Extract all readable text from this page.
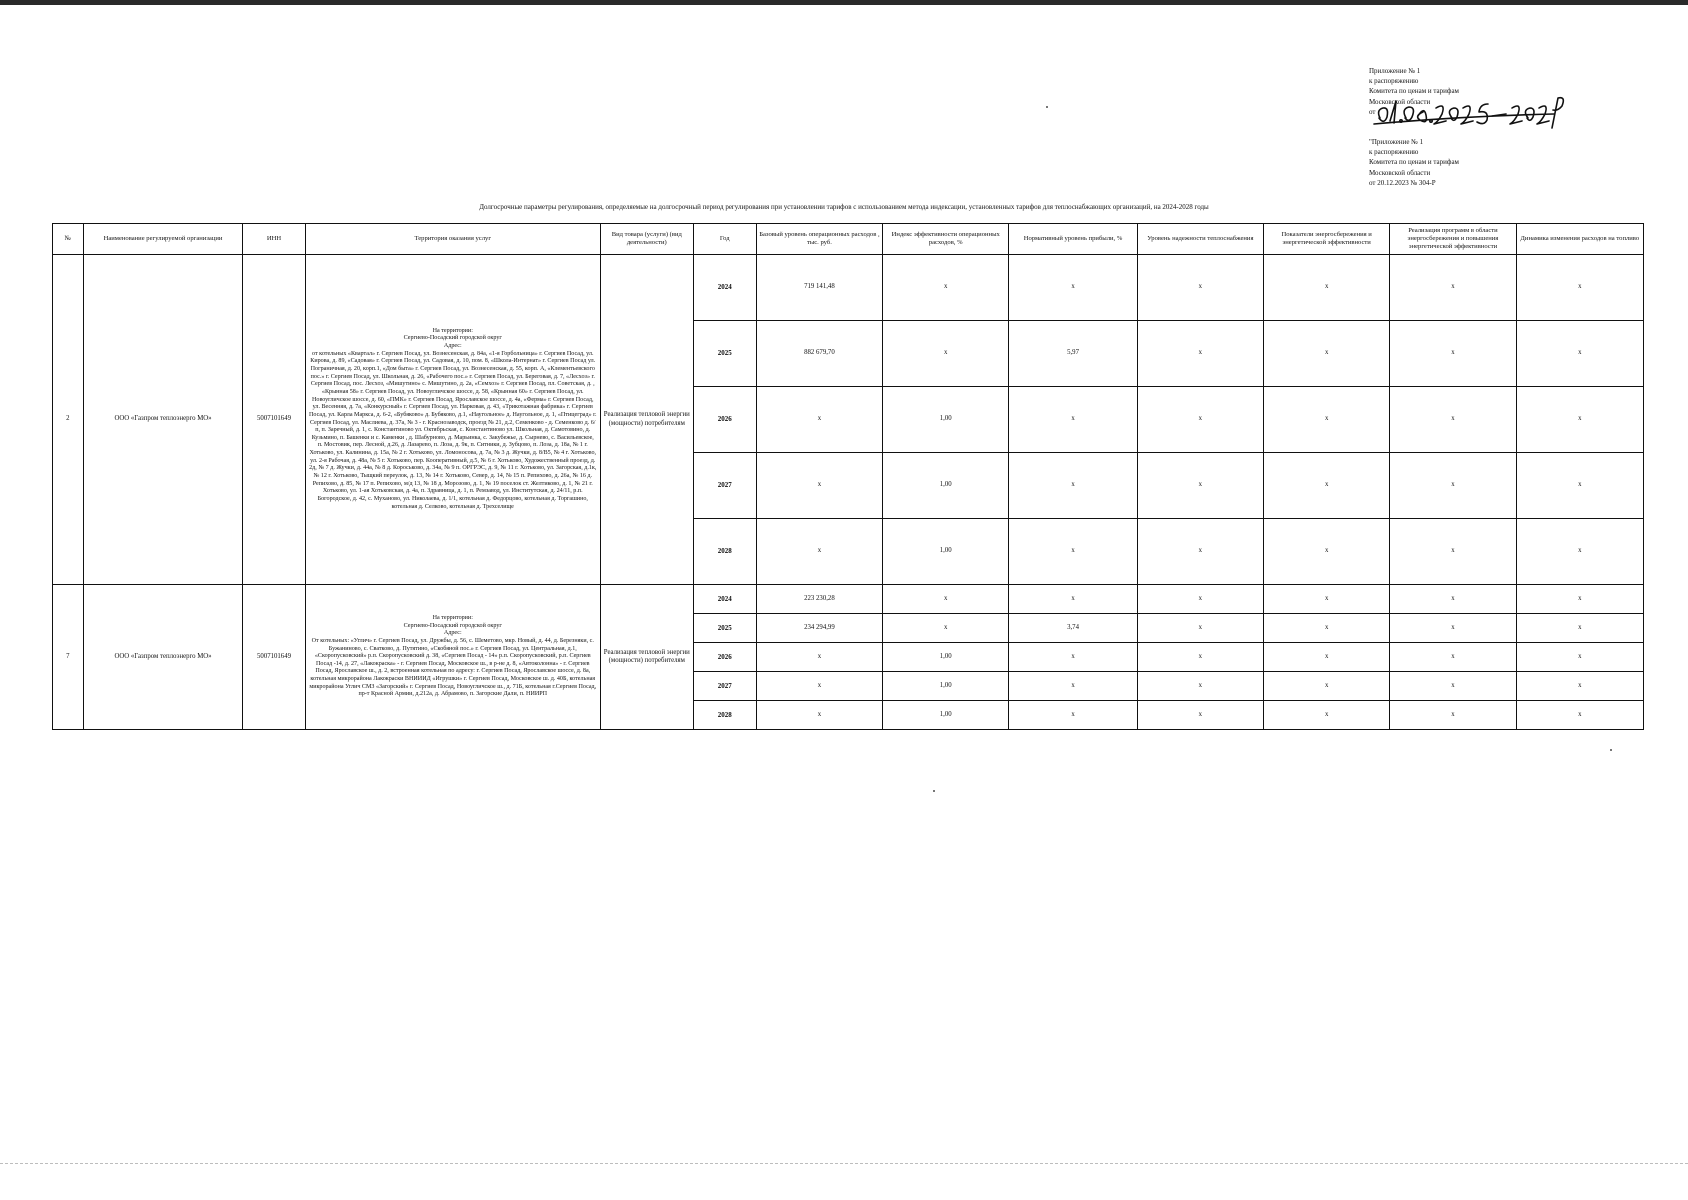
Приложение № 1
к распоряжению
Комитета по ценам и тарифам
Московской области
от
"Приложение № 1
к распоряжению
Комитета по ценам и тарифам
Московской области
от 20.12.2023 № 304-Р
Долгосрочные параметры регулирования, определяемые на долгосрочный период регулирования при установлении тарифов с использованием метода индексации, установленных тарифов для теплоснабжающих организаций, на 2024-2028 годы
№	Наименование регулируемой организации	ИНН	Территория оказания услуг	Вид товара (услуги) (вид деятельности)	Год	Базовый уровень операционных расходов , тыс. руб.	Индекс эффективности операционных расходов, %	Нормативный уровень прибыли, %	Уровень надежности теплоснабжения	Показатели энергосбережения и энергетической эффективности	Реализация программ в области энергосбережения и повышения энергетической эффективности	Динамика изменения расходов на топливо
2	ООО «Газпром теплоэнерго МО»	5007101649	На территории:
Сергиево-Посадский городской округ
Адрес:
от котельных «Квартал» г. Сергиев Посад, ул. Вознесенская, д. 84а, «1-я Горбольница» г. Сергиев Посад, ул. Кирова, д. 89, «Садовая» г. Сергиев Посад, ул. Садовая, д. 10, пом. 8, «Школа-Интернат» г. Сергиев Посад ул. Пограничная, д. 20, корп.1, «Дом быта» г. Сергиев Посад, ул. Вознесенская, д. 55, корп. А, «Клементьевского пос.» г. Сергиев Посад, ул. Школьная, д. 26, «Рабочего пос.» г. Сергиев Посад, ул. Береговая, д. 7, «Лесхоз» г. Сергиев Посад, пос. Лесхоз, «Мишутино» с. Мишутино, д. 2а, «Семхоз» г. Сергиев Посад, пл. Советская, д. , «Крынная 58» г. Сергиев Посад, ул. Новоугличское шоссе, д. 58, «Крынная 60» г. Сергиев Посад, ул. Новоугличское шоссе, д. 60, «ПМК» г. Сергиев Посад, Ярославское шоссе, д. 4а, «Ферма» г. Сергиев Посад, ул. Весенняя, д. 7а, «Конкурсный» г. Сергиев Посад, ул. Нарковая, д. 43, «Трикотажная фабрика» г. Сергиев Посад, ул. Карла Маркса, д. 6-2, «Бубяково» д. Бубяково, д.1, «Наугольное» д. Наугольное, д. 1, «Птицеград» г. Сергиев Посад, ул. Маслиева, д. 37а, № 3 - г. Краснозаводск, проезд № 21, д.2, Семенково - д. Семенково д. 6/п, п. Заречный, д. 1, с. Константиново ул. Октябрьская, с. Константиново ул. Школьная, д. Самотовино, д. Кузьмино, п. Башенки и с. Каменки , д. Шабурново, д. Марьинка, с. Закубежье, д. Сырнево, с. Васильевское, п. Мостовик, пер. Лесной, д.26, д. Лазарево, п. Лоза, д. 9к, п. Ситники, д. Зубцово, п. Лоза, д. 18а, № 1 г. Хотьково, ул. Калинина, д. 15а, № 2 г. Хотьково, ул. Ломоносова, д. 7а, № 3 д. Жучки, д. 8/В5, № 4 г. Хотьково, ул. 2-я Рабочая, д. 48а, № 5 г. Хотьково, пер. Кооперативный, д.5, № 6 г. Хотьково, Художественный проезд, д. 2д, № 7 д. Жучки, д. 44а, № 8 д. Короськово, д. 34а, № 9 п. ОРГРЭС, д. 9, № 11 г. Хотьково, ул. Загорская, д.1к, № 12 г. Хотьково, Тыщкий переулок, д. 13, № 14 г. Хотьково, Север, д. 14, № 15 п. Репихово, д. 26а, № 16 д. Репихово, д. 85, № 17 п. Репихово, м/д 13, № 18 д. Морозово, д. 1, № 19 поселок ст. Желтиково, д. 1, № 21 г. Хотьково, ул. 1-ая Хотьковская, д. 4а, п. Здравница, д. 1, п. Ремзавод, ул. Институтская, д. 24/11, р.п. Богородское, д. 42, с. Муханово, ул. Николаева, д. 1/1, котельная д. Федорцово, котельная д. Торгашино, котельная д. Селково, котельная д. Трехселище	Реализация тепловой энергии (мощности) потребителям	2024	719 141,48	x	x	x	x	x	x
					2025	882 679,70	x	5,97	x	x	x	x
					2026	x	1,00	x	x	x	x	x
					2027	x	1,00	x	x	x	x	x
					2028	x	1,00	x	x	x	x	x
7	ООО «Газпром теплоэнерго МО»	5007101649	На территории:
Сергиево-Посадский городской округ
Адрес:
От котельных: «Углич» г. Сергиев Посад, ул. Дружбы, д. 56, с. Шеметово, мкр. Новый, д. 44, д. Березняки, с. Бужаниново, с. Сватково, д. Путятино, «Скобяной пос.» г. Сергиев Посад, ул. Центральная, д.1, «Скоропусковский» р.п. Скоропусковский д. 38, «Сергиев Посад - 14» р.п. Скоропусковский, р.п. Сергиев Посад -14, д. 27, «Лакокраска» - г. Сергиев Посад, Московское ш., в р-не д. 8, «Автоколонна» - г. Сергиев Посад, Ярославское ш., д. 2, встроенная котельная по адресу: г. Сергиев Посад, Ярославское шоссе, д. 8а, котельная микрорайона Лакокраски ВНИИИД «Игрушки» г. Сергиев Посад, Московское ш. д. 40Б, котельная микрорайона Углич СМЗ «Загорский» г. Сергиев Посад, Новоугличское ш., д. 71Б, котельная г.Сергиев Посад, пр-т Красной Армии, д.212а, д. Абрамово, п. Загорские Дали, п. НИИРП	Реализация тепловой энергии (мощности) потребителям	2024	223 230,28	x	x	x	x	x	x
					2025	234 294,99	x	3,74	x	x	x	x
					2026	x	1,00	x	x	x	x	x
					2027	x	1,00	x	x	x	x	x
					2028	x	1,00	x	x	x	x	x
